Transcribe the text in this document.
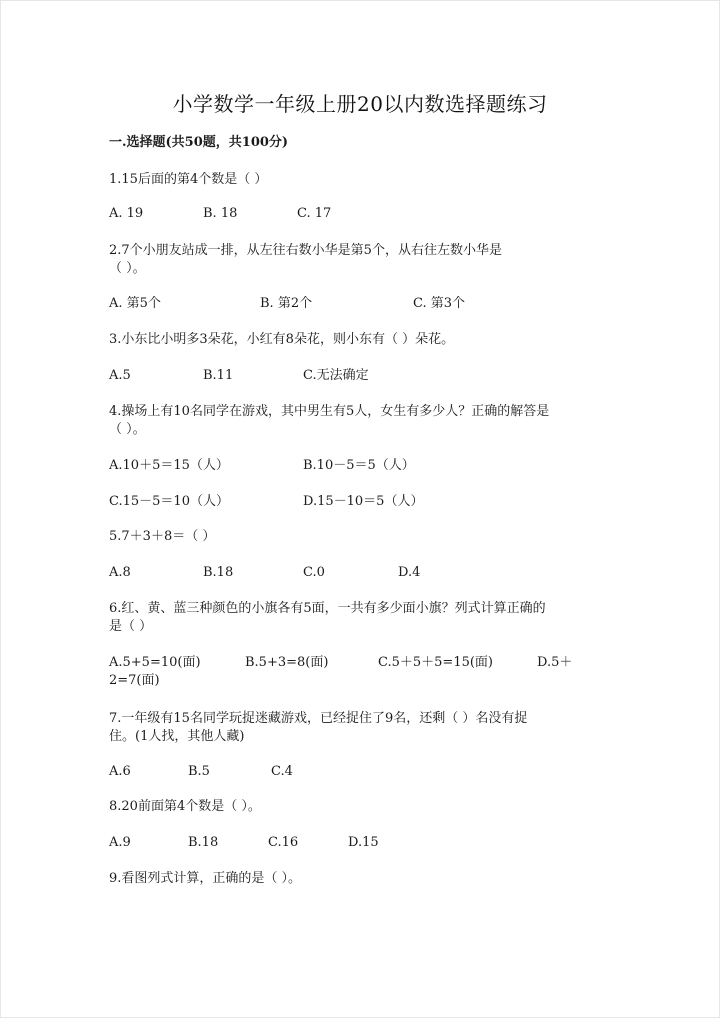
小学数学一年级上册20以内数选择题练习
一.选择题(共50题，共100分)
1.15后面的第4个数是（ ）
A. 19	B. 18	C. 17
2.7个小朋友站成一排，从左往右数小华是第5个，从右往左数小华是
（ ）。
A. 第5个	B. 第2个	C. 第3个
3.小东比小明多3朵花，小红有8朵花，则小东有（ ）朵花。
A.5	B.11	C.无法确定
4.操场上有10名同学在游戏，其中男生有5人，女生有多少人？正确的解答是
（ ）。
A.10＋5＝15（人）	B.10－5＝5（人）
C.15－5＝10（人）	D.15－10＝5（人）
5.7＋3＋8＝（ ）
A.8	B.18	C.0	D.4
6.红、黄、蓝三种颜色的小旗各有5面，一共有多少面小旗？列式计算正确的
是（ ）
A.5+5=10(面)	B.5+3=8(面)	C.5＋5＋5=15(面)	D.5＋
2=7(面)
7.一年级有15名同学玩捉迷藏游戏，已经捉住了9名，还剩（ ）名没有捉
住。(1人找，其他人藏)
A.6	B.5	C.4
8.20前面第4个数是（ ）。
A.9	B.18	C.16	D.15
9.看图列式计算，正确的是（ ）。
